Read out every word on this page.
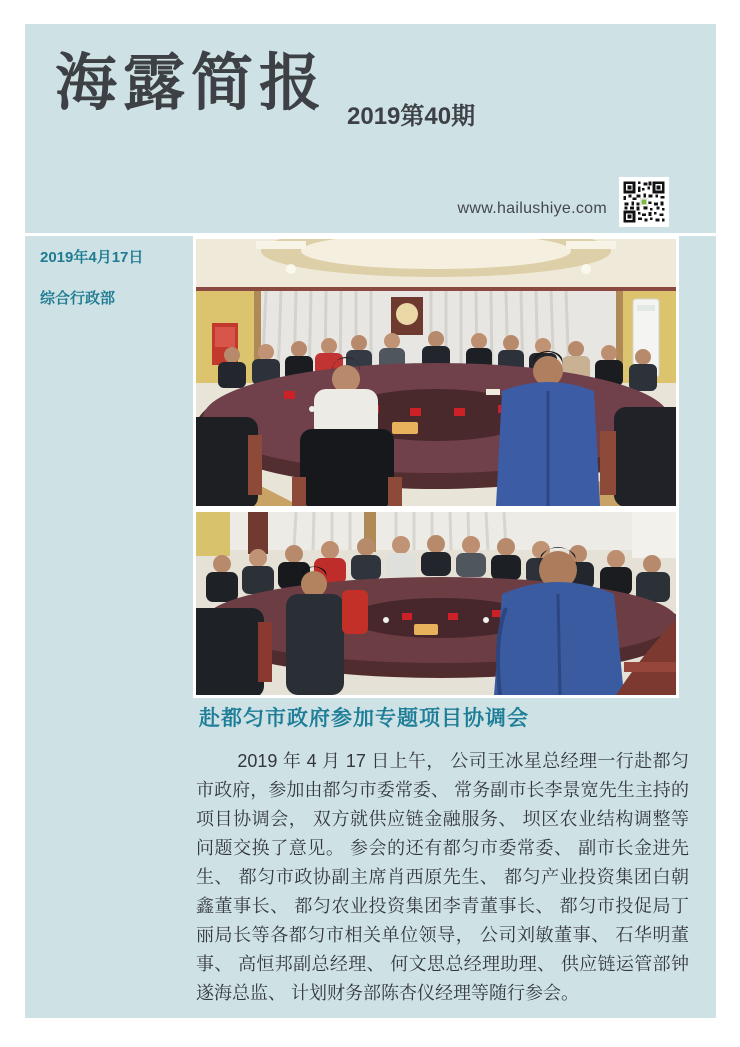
海露简报 2019第40期
www.hailushiye.com
2019年4月17日
综合行政部
赴都匀市政府参加专题项目协调会

2019 年 4 月 17 日上午， 公司王冰星总经理一行赴都匀市政府，参加由都匀市委常委、 常务副市长李景宽先生主持的项目协调会， 双方就供应链金融服务、 坝区农业结构调整等问题交换了意见。 参会的还有都匀市委常委、 副市长金进先生、 都匀市政协副主席肖西原先生、 都匀产业投资集团白朝鑫董事长、 都匀农业投资集团李青董事长、 都匀市投促局丁丽局长等各都匀市相关单位领导， 公司刘敏董事、 石华明董事、 高恒邦副总经理、 何文思总经理助理、 供应链运管部钟遂海总监、 计划财务部陈杏仪经理等随行参会。
